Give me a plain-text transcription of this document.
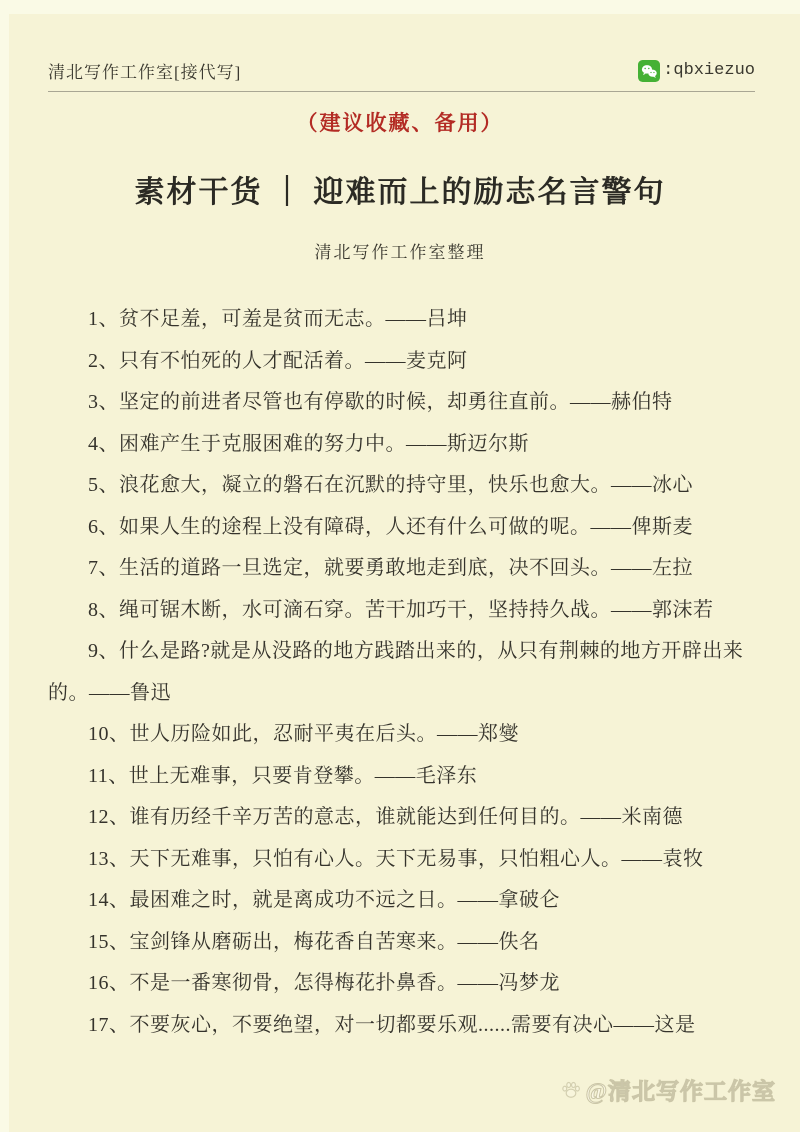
清北写作工作室[接代写]	:qbxiezuo
（建议收藏、备用）
素材干货 ｜ 迎难而上的励志名言警句
清北写作工作室整理

1、贫不足羞，可羞是贫而无志。——吕坤

2、只有不怕死的人才配活着。——麦克阿

3、坚定的前进者尽管也有停歇的时候，却勇往直前。——赫伯特

4、困难产生于克服困难的努力中。——斯迈尔斯

5、浪花愈大，凝立的磐石在沉默的持守里，快乐也愈大。——冰心

6、如果人生的途程上没有障碍，人还有什么可做的呢。——俾斯麦

7、生活的道路一旦选定，就要勇敢地走到底，决不回头。——左拉

8、绳可锯木断，水可滴石穿。苦干加巧干，坚持持久战。——郭沫若

9、什么是路?就是从没路的地方践踏出来的，从只有荆棘的地方开辟出来的。——鲁迅

10、世人历险如此，忍耐平夷在后头。——郑燮

11、世上无难事，只要肯登攀。——毛泽东

12、谁有历经千辛万苦的意志，谁就能达到任何目的。——米南德

13、天下无难事，只怕有心人。天下无易事，只怕粗心人。——袁牧

14、最困难之时，就是离成功不远之日。——拿破仑

15、宝剑锋从磨砺出，梅花香自苦寒来。——佚名

16、不是一番寒彻骨，怎得梅花扑鼻香。——冯梦龙

17、不要灰心，不要绝望，对一切都要乐观......需要有决心——这是

@清北写作工作室
